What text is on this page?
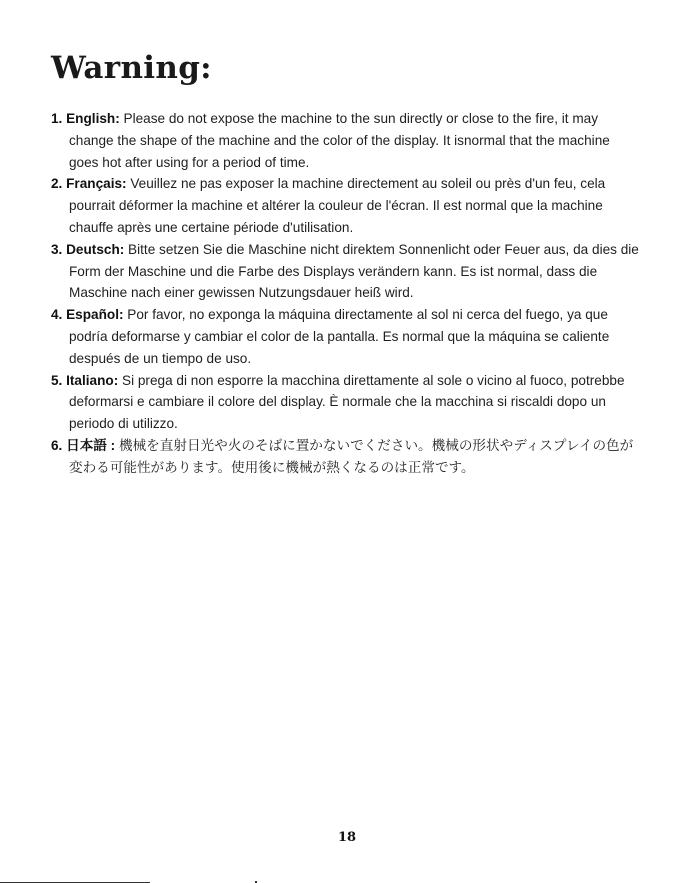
Warning:
1. English: Please do not expose the machine to the sun directly or close to the fire, it may change the shape of the machine and the color of the display. It isnormal that the machine goes hot after using for a period of time.
2. Français: Veuillez ne pas exposer la machine directement au soleil ou près d'un feu, cela pourrait déformer la machine et altérer la couleur de l'écran. Il est normal que la machine chauffe après une certaine période d'utilisation.
3. Deutsch: Bitte setzen Sie die Maschine nicht direktem Sonnenlicht oder Feuer aus, da dies die Form der Maschine und die Farbe des Displays verändern kann. Es ist normal, dass die Maschine nach einer gewissen Nutzungsdauer heiß wird.
4. Español: Por favor, no exponga la máquina directamente al sol ni cerca del fuego, ya que podría deformarse y cambiar el color de la pantalla. Es normal que la máquina se caliente después de un tiempo de uso.
5. Italiano: Si prega di non esporre la macchina direttamente al sole o vicino al fuoco, potrebbe deformarsi e cambiare il colore del display. È normale che la macchina si riscaldi dopo un periodo di utilizzo.
6. 日本語 : 機械を直射日光や火のそばに置かないでください。機械の形状やディスプレイの色が変わる可能性があります。使用後に機械が熱くなるのは正常です。
18
